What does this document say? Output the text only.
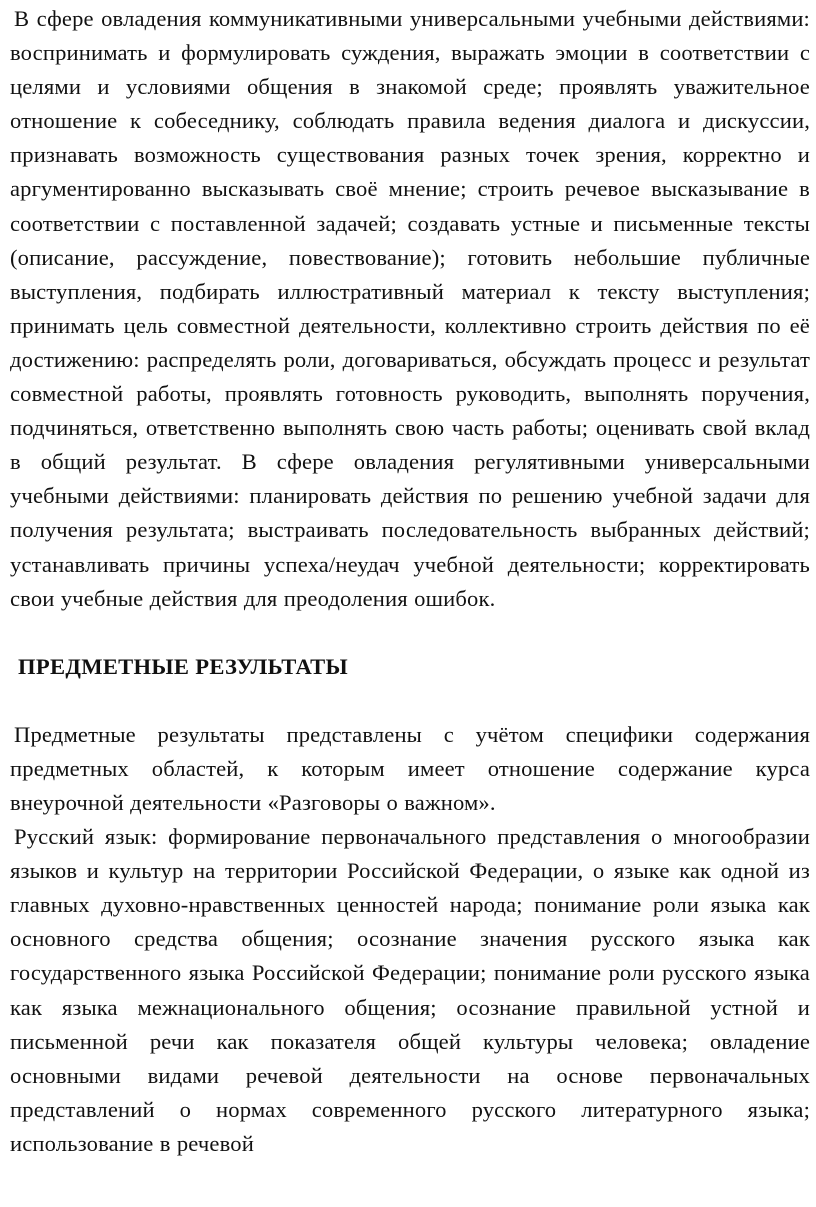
В сфере овладения коммуникативными универсальными учебными действиями: воспринимать и формулировать суждения, выражать эмоции в соответствии с целями и условиями общения в знакомой среде; проявлять уважительное отношение к собеседнику, соблюдать правила ведения диалога и дискуссии, признавать возможность существования разных точек зрения, корректно и аргументированно высказывать своё мнение; строить речевое высказывание в соответствии с поставленной задачей; создавать устные и письменные тексты (описание, рассуждение, повествование); готовить небольшие публичные выступления, подбирать иллюстративный материал к тексту выступления; принимать цель совместной деятельности, коллективно строить действия по её достижению: распределять роли, договариваться, обсуждать процесс и результат совместной работы, проявлять готовность руководить, выполнять поручения, подчиняться, ответственно выполнять свою часть работы; оценивать свой вклад в общий результат. В сфере овладения регулятивными универсальными учебными действиями: планировать действия по решению учебной задачи для получения результата; выстраивать последовательность выбранных действий; устанавливать причины успеха/неудач учебной деятельности; корректировать свои учебные действия для преодоления ошибок.

ПРЕДМЕТНЫЕ РЕЗУЛЬТАТЫ

Предметные результаты представлены с учётом специфики содержания предметных областей, к которым имеет отношение содержание курса внеурочной деятельности «Разговоры о важном».

Русский язык: формирование первоначального представления о многообразии языков и культур на территории Российской Федерации, о языке как одной из главных духовно-нравственных ценностей народа; понимание роли языка как основного средства общения; осознание значения русского языка как государственного языка Российской Федерации; понимание роли русского языка как языка межнационального общения; осознание правильной устной и письменной речи как показателя общей культуры человека; овладение основными видами речевой деятельности на основе первоначальных представлений о нормах современного русского литературного языка; использование в речевой
